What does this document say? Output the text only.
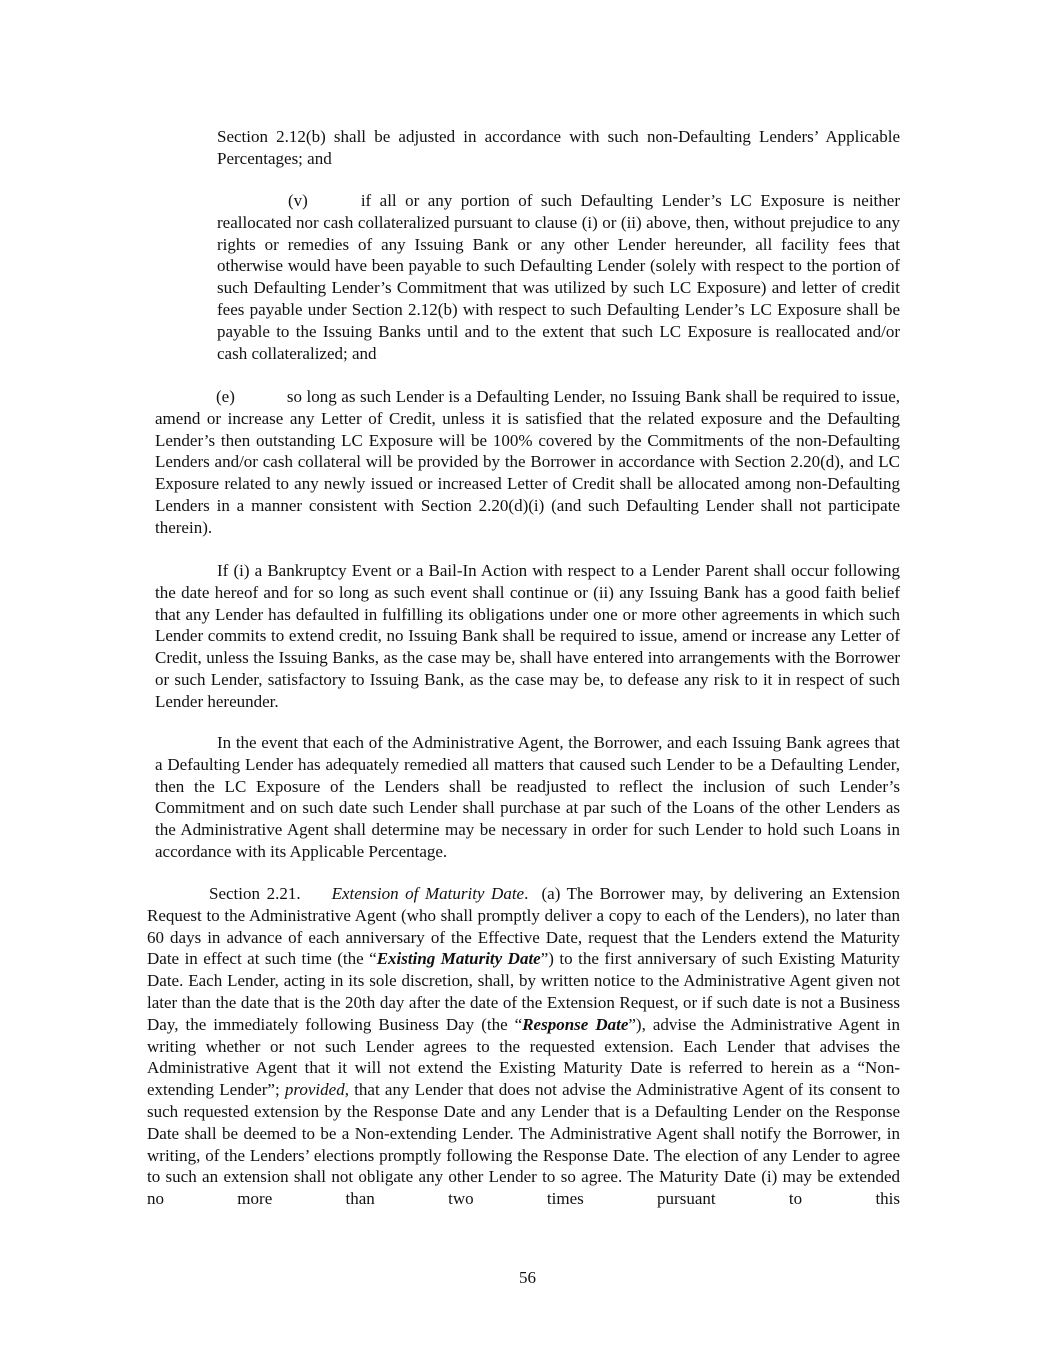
Section 2.12(b) shall be adjusted in accordance with such non-Defaulting Lenders’ Applicable Percentages; and

(v)	if all or any portion of such Defaulting Lender’s LC Exposure is neither reallocated nor cash collateralized pursuant to clause (i) or (ii) above, then, without prejudice to any rights or remedies of any Issuing Bank or any other Lender hereunder, all facility fees that otherwise would have been payable to such Defaulting Lender (solely with respect to the portion of such Defaulting Lender’s Commitment that was utilized by such LC Exposure) and letter of credit fees payable under Section 2.12(b) with respect to such Defaulting Lender’s LC Exposure shall be payable to the Issuing Banks until and to the extent that such LC Exposure is reallocated and/or cash collateralized; and

(e)	so long as such Lender is a Defaulting Lender, no Issuing Bank shall be required to issue, amend or increase any Letter of Credit, unless it is satisfied that the related exposure and the Defaulting Lender’s then outstanding LC Exposure will be 100% covered by the Commitments of the non-Defaulting Lenders and/or cash collateral will be provided by the Borrower in accordance with Section 2.20(d), and LC Exposure related to any newly issued or increased Letter of Credit shall be allocated among non-Defaulting Lenders in a manner consistent with Section 2.20(d)(i) (and such Defaulting Lender shall not participate therein).

If (i) a Bankruptcy Event or a Bail-In Action with respect to a Lender Parent shall occur following the date hereof and for so long as such event shall continue or (ii) any Issuing Bank has a good faith belief that any Lender has defaulted in fulfilling its obligations under one or more other agreements in which such Lender commits to extend credit, no Issuing Bank shall be required to issue, amend or increase any Letter of Credit, unless the Issuing Banks, as the case may be, shall have entered into arrangements with the Borrower or such Lender, satisfactory to Issuing Bank, as the case may be, to defease any risk to it in respect of such Lender hereunder.

In the event that each of the Administrative Agent, the Borrower, and each Issuing Bank agrees that a Defaulting Lender has adequately remedied all matters that caused such Lender to be a Defaulting Lender, then the LC Exposure of the Lenders shall be readjusted to reflect the inclusion of such Lender’s Commitment and on such date such Lender shall purchase at par such of the Loans of the other Lenders as the Administrative Agent shall determine may be necessary in order for such Lender to hold such Loans in accordance with its Applicable Percentage.

Section 2.21. Extension of Maturity Date. (a) The Borrower may, by delivering an Extension Request to the Administrative Agent (who shall promptly deliver a copy to each of the Lenders), no later than 60 days in advance of each anniversary of the Effective Date, request that the Lenders extend the Maturity Date in effect at such time (the “Existing Maturity Date”) to the first anniversary of such Existing Maturity Date. Each Lender, acting in its sole discretion, shall, by written notice to the Administrative Agent given not later than the date that is the 20th day after the date of the Extension Request, or if such date is not a Business Day, the immediately following Business Day (the “Response Date”), advise the Administrative Agent in writing whether or not such Lender agrees to the requested extension. Each Lender that advises the Administrative Agent that it will not extend the Existing Maturity Date is referred to herein as a “Non-extending Lender”; provided, that any Lender that does not advise the Administrative Agent of its consent to such requested extension by the Response Date and any Lender that is a Defaulting Lender on the Response Date shall be deemed to be a Non-extending Lender. The Administrative Agent shall notify the Borrower, in writing, of the Lenders’ elections promptly following the Response Date. The election of any Lender to agree to such an extension shall not obligate any other Lender to so agree. The Maturity Date (i) may be extended no more than two times pursuant to this

56
